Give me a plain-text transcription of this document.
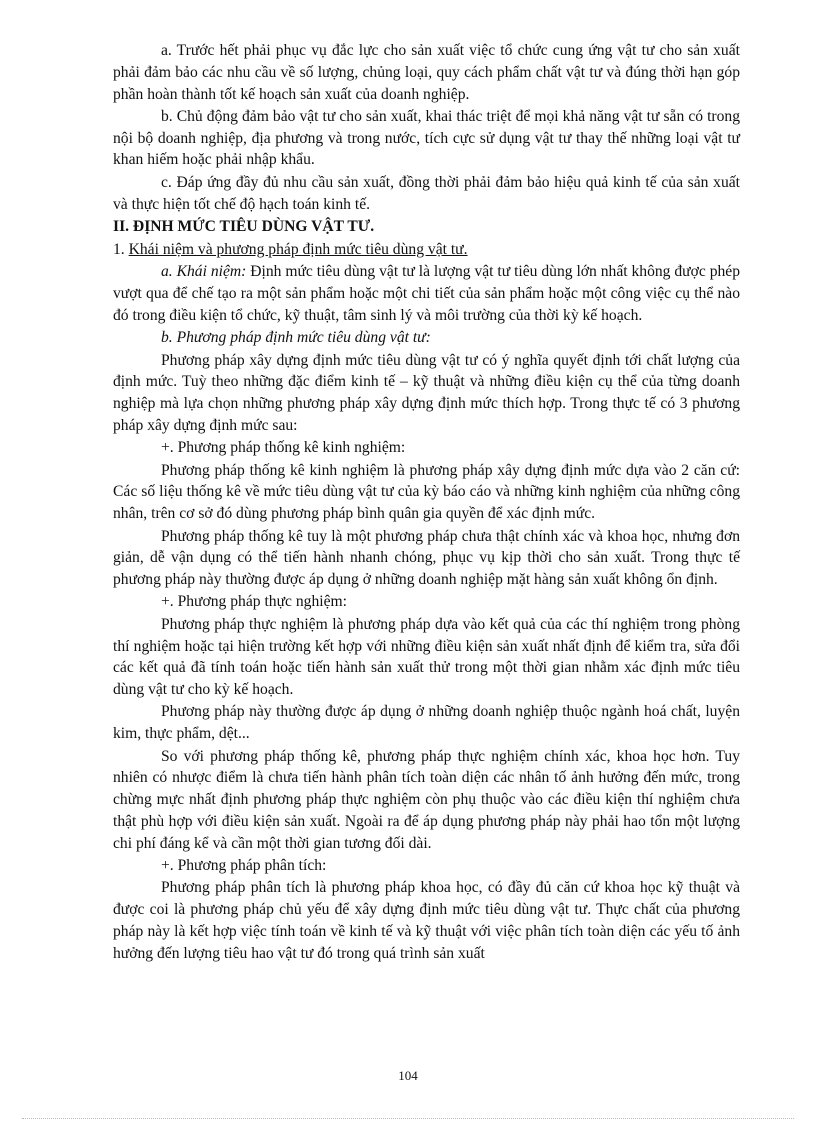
a. Trước hết phải phục vụ đắc lực cho sản xuất việc tổ chức cung ứng vật tư cho sản xuất phải đảm bảo các nhu cầu về số lượng, chủng loại, quy cách phẩm chất vật tư và đúng thời hạn góp phần hoàn thành tốt kế hoạch sản xuất của doanh nghiệp.

b. Chủ động đảm bảo vật tư cho sản xuất, khai thác triệt để mọi khả năng vật tư sẵn có trong nội bộ doanh nghiệp, địa phương và trong nước, tích cực sử dụng vật tư thay thế những loại vật tư khan hiếm hoặc phải nhập khẩu.

c. Đáp ứng đầy đủ nhu cầu sản xuất, đồng thời phải đảm bảo hiệu quả kinh tế của sản xuất và thực hiện tốt chế độ hạch toán kinh tế.

II. ĐỊNH MỨC TIÊU DÙNG VẬT TƯ.
1. Khái niệm và phương pháp định mức tiêu dùng vật tư.

a. Khái niệm: Định mức tiêu dùng vật tư là lượng vật tư tiêu dùng lớn nhất không được phép vượt qua để chế tạo ra một sản phẩm hoặc một chi tiết của sản phẩm hoặc một công việc cụ thể nào đó trong điều kiện tổ chức, kỹ thuật, tâm sinh lý và môi trường của thời kỳ kế hoạch.

b. Phương pháp định mức tiêu dùng vật tư:

Phương pháp xây dựng định mức tiêu dùng vật tư có ý nghĩa quyết định tới chất lượng của định mức. Tuỳ theo những đặc điểm kinh tế – kỹ thuật và những điều kiện cụ thể của từng doanh nghiệp mà lựa chọn những phương pháp xây dựng định mức thích hợp. Trong thực tế có 3 phương pháp xây dựng định mức sau:

+. Phương pháp thống kê kinh nghiệm:

Phương pháp thống kê kinh nghiệm là phương pháp xây dựng định mức dựa vào 2 căn cứ: Các số liệu thống kê về mức tiêu dùng vật tư của kỳ báo cáo và những kinh nghiệm của những công nhân, trên cơ sở đó dùng phương pháp bình quân gia quyền để xác định mức.

Phương pháp thống kê tuy là một phương pháp chưa thật chính xác và khoa học, nhưng đơn giản, dễ vận dụng có thể tiến hành nhanh chóng, phục vụ kịp thời cho sản xuất. Trong thực tế phương pháp này thường được áp dụng ở những doanh nghiệp mặt hàng sản xuất không ổn định.

+. Phương pháp thực nghiệm:

Phương pháp thực nghiệm là phương pháp dựa vào kết quả của các thí nghiệm trong phòng thí nghiệm hoặc tại hiện trường kết hợp với những điều kiện sản xuất nhất định để kiểm tra, sửa đổi các kết quả đã tính toán hoặc tiến hành sản xuất thử trong một thời gian nhằm xác định mức tiêu dùng vật tư cho kỳ kế hoạch.

Phương pháp này thường được áp dụng ở những doanh nghiệp thuộc ngành hoá chất, luyện kim, thực phẩm, dệt...

So với phương pháp thống kê, phương pháp thực nghiệm chính xác, khoa học hơn. Tuy nhiên có nhược điểm là chưa tiến hành phân tích toàn diện các nhân tố ảnh hưởng đến mức, trong chừng mực nhất định phương pháp thực nghiệm còn phụ thuộc vào các điều kiện thí nghiệm chưa thật phù hợp với điều kiện sản xuất. Ngoài ra để áp dụng phương pháp này phải hao tổn một lượng chi phí đáng kể và cần một thời gian tương đối dài.

+. Phương pháp phân tích:

Phương pháp phân tích là phương pháp khoa học, có đầy đủ căn cứ khoa học kỹ thuật và được coi là phương pháp chủ yếu để xây dựng định mức tiêu dùng vật tư. Thực chất của phương pháp này là kết hợp việc tính toán về kinh tế và kỹ thuật với việc phân tích toàn diện các yếu tố ảnh hưởng đến lượng tiêu hao vật tư đó trong quá trình sản xuất

104
